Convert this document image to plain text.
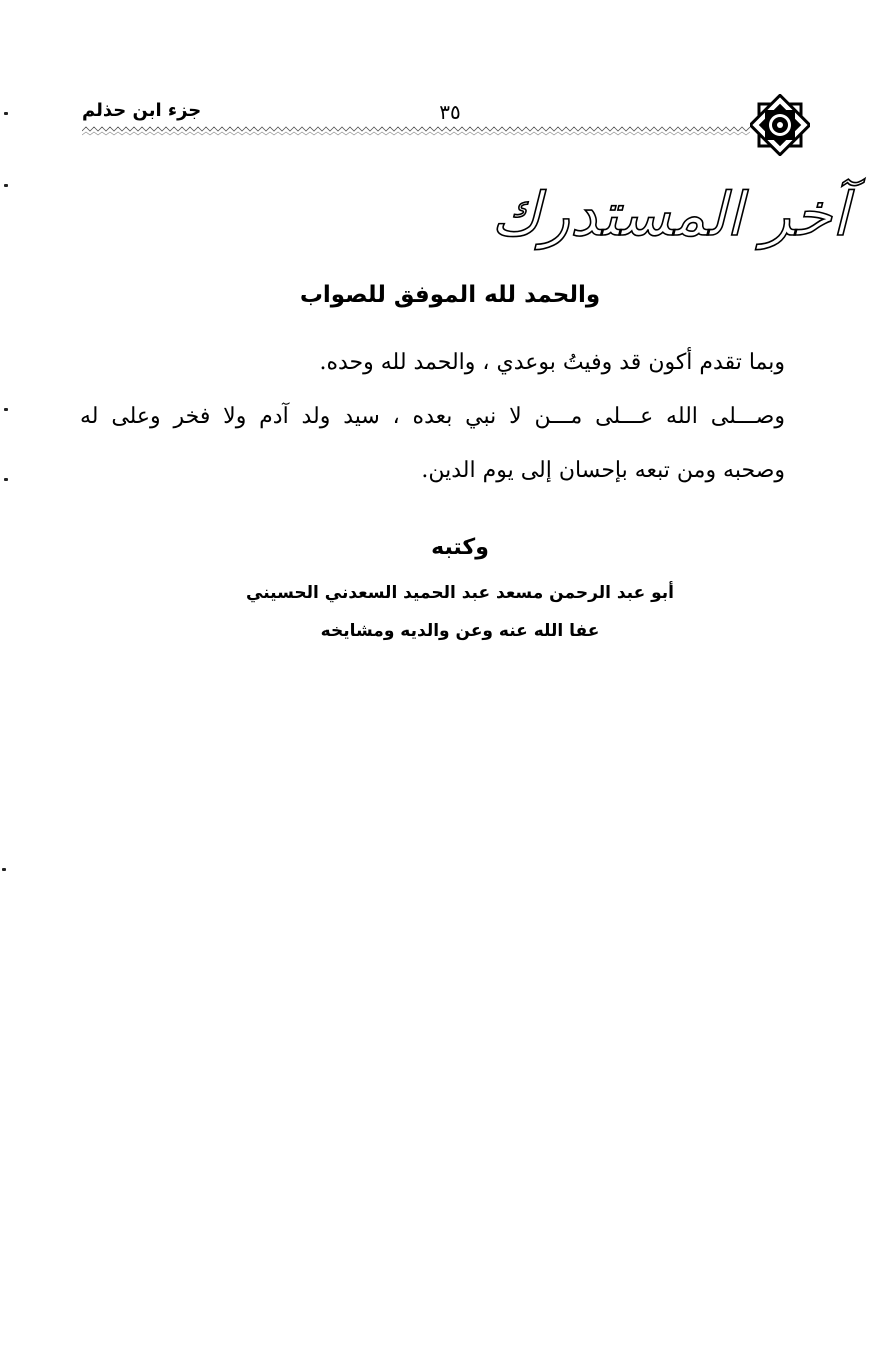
جزء ابن حذلم	٣٥
آخر المستدرك
والحمد لله الموفق للصواب

وبما تقدم أكون قد وفيتُ بوعدي ، والحمد لله وحده.

وصـــلى الله عـــلى مـــن لا نبي بعده ، سيد ولد آدم ولا فخر وعلى له

وصحبه ومن تبعه بإحسان إلى يوم الدين.

وكتبه
أبو عبد الرحمن مسعد عبد الحميد السعدني الحسيني
عفا الله عنه وعن والديه ومشايخه
